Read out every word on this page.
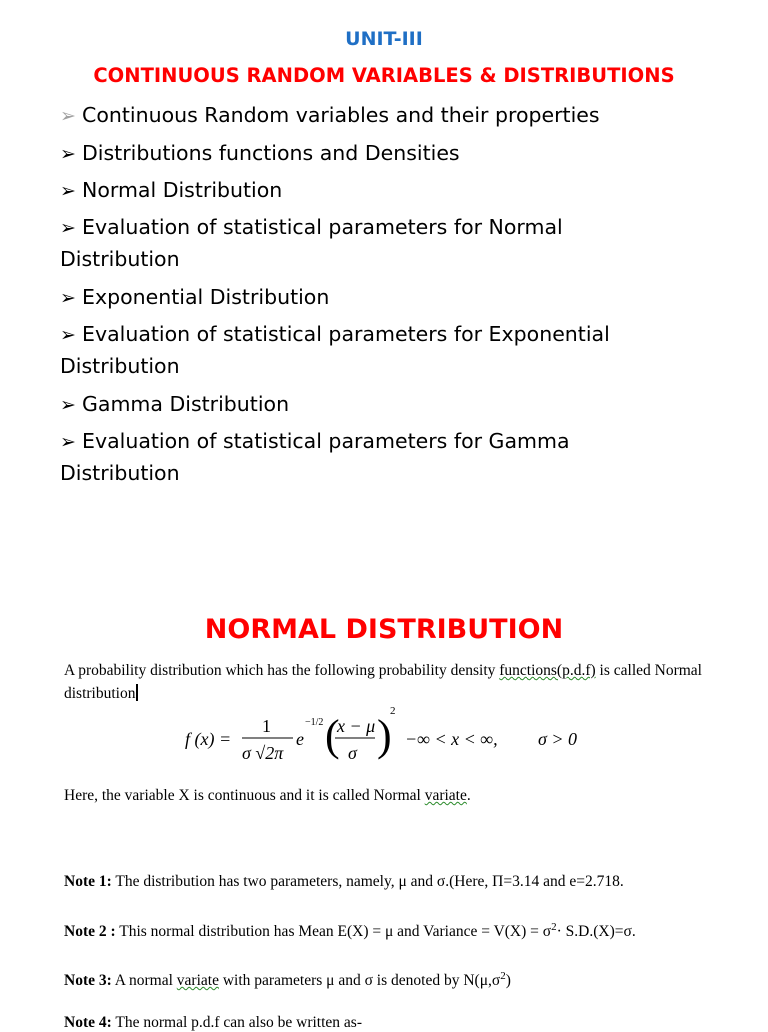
UNIT-III
CONTINUOUS RANDOM VARIABLES & DISTRIBUTIONS
➢ Continuous Random variables and their properties
➢ Distributions functions and Densities
➢ Normal Distribution
➢ Evaluation of statistical parameters for Normal
Distribution
➢ Exponential Distribution
➢ Evaluation of statistical parameters for Exponential
Distribution
➢ Gamma Distribution
➢ Evaluation of statistical parameters for Gamma
Distribution
NORMAL DISTRIBUTION
A probability distribution which has the following probability density functions(p.d.f) is called Normal
distribution
f (x) =
1
σ √2π
e
−1/2 (
x − μ
σ )
2
−∞ < x < ∞, σ > 0
Here, the variable X is continuous and it is called Normal variate.
Note 1: The distribution has two parameters, namely, μ and σ.(Here, Π=3.14 and e=2.718.
Note 2 : This normal distribution has Mean E(X) = μ and Variance = $V(X) = \sigma^2\cdot S.D.(X)=\sigma$.
Note 3: A normal variate with parameters μ and σ is denoted by $N(\mu,\sigma^2)$
Note 4: The normal p.d.f can also be written as-
